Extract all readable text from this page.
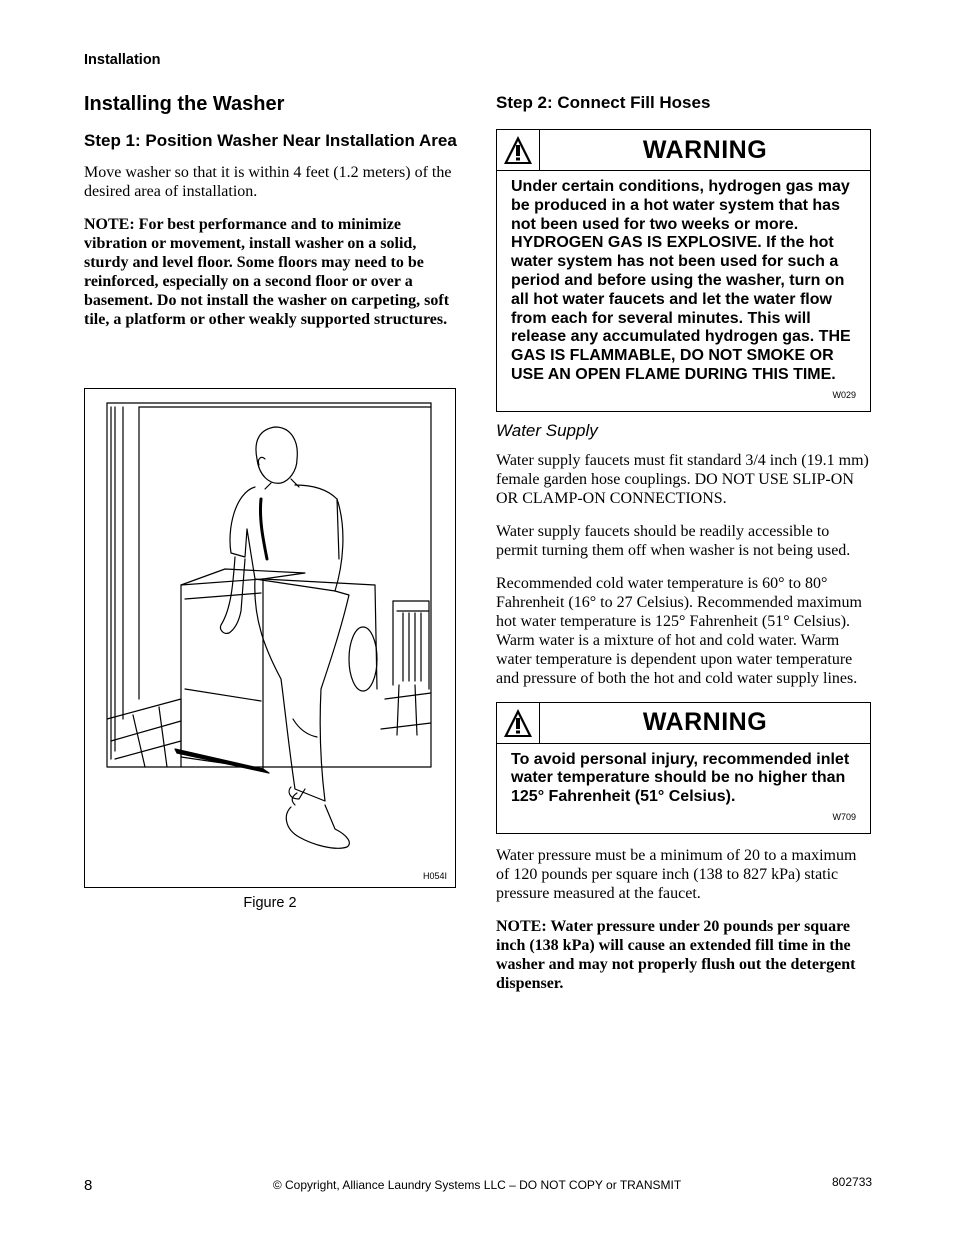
Installation
Installing the Washer
Step 1: Position Washer Near Installation Area

Move washer so that it is within 4 feet (1.2 meters) of the desired area of installation.

NOTE: For best performance and to minimize vibration or movement, install washer on a solid, sturdy and level floor. Some floors may need to be reinforced, especially on a second floor or over a basement. Do not install the washer on carpeting, soft tile, a platform or other weakly supported structures.

H054I
Figure 2
Step 2: Connect Fill Hoses
WARNING
Under certain conditions, hydrogen gas may be produced in a hot water system that has not been used for two weeks or more. HYDROGEN GAS IS EXPLOSIVE. If the hot water system has not been used for such a period and before using the washer, turn on all hot water faucets and let the water flow from each for several minutes. This will release any accumulated hydrogen gas. THE GAS IS FLAMMABLE, DO NOT SMOKE OR USE AN OPEN FLAME DURING THIS TIME.
W029
Water Supply

Water supply faucets must fit standard 3/4 inch (19.1 mm) female garden hose couplings. DO NOT USE SLIP-ON OR CLAMP-ON CONNECTIONS.

Water supply faucets should be readily accessible to permit turning them off when washer is not being used.

Recommended cold water temperature is 60° to 80° Fahrenheit (16° to 27 Celsius). Recommended maximum hot water temperature is 125° Fahrenheit (51° Celsius). Warm water is a mixture of hot and cold water. Warm water temperature is dependent upon water temperature and pressure of both the hot and cold water supply lines.

WARNING
To avoid personal injury, recommended inlet water temperature should be no higher than 125° Fahrenheit (51° Celsius).
W709

Water pressure must be a minimum of 20 to a maximum of 120 pounds per square inch (138 to 827 kPa) static pressure measured at the faucet.

NOTE: Water pressure under 20 pounds per square inch (138 kPa) will cause an extended fill time in the washer and may not properly flush out the detergent dispenser.

8	© Copyright, Alliance Laundry Systems LLC – DO NOT COPY or TRANSMIT	802733
